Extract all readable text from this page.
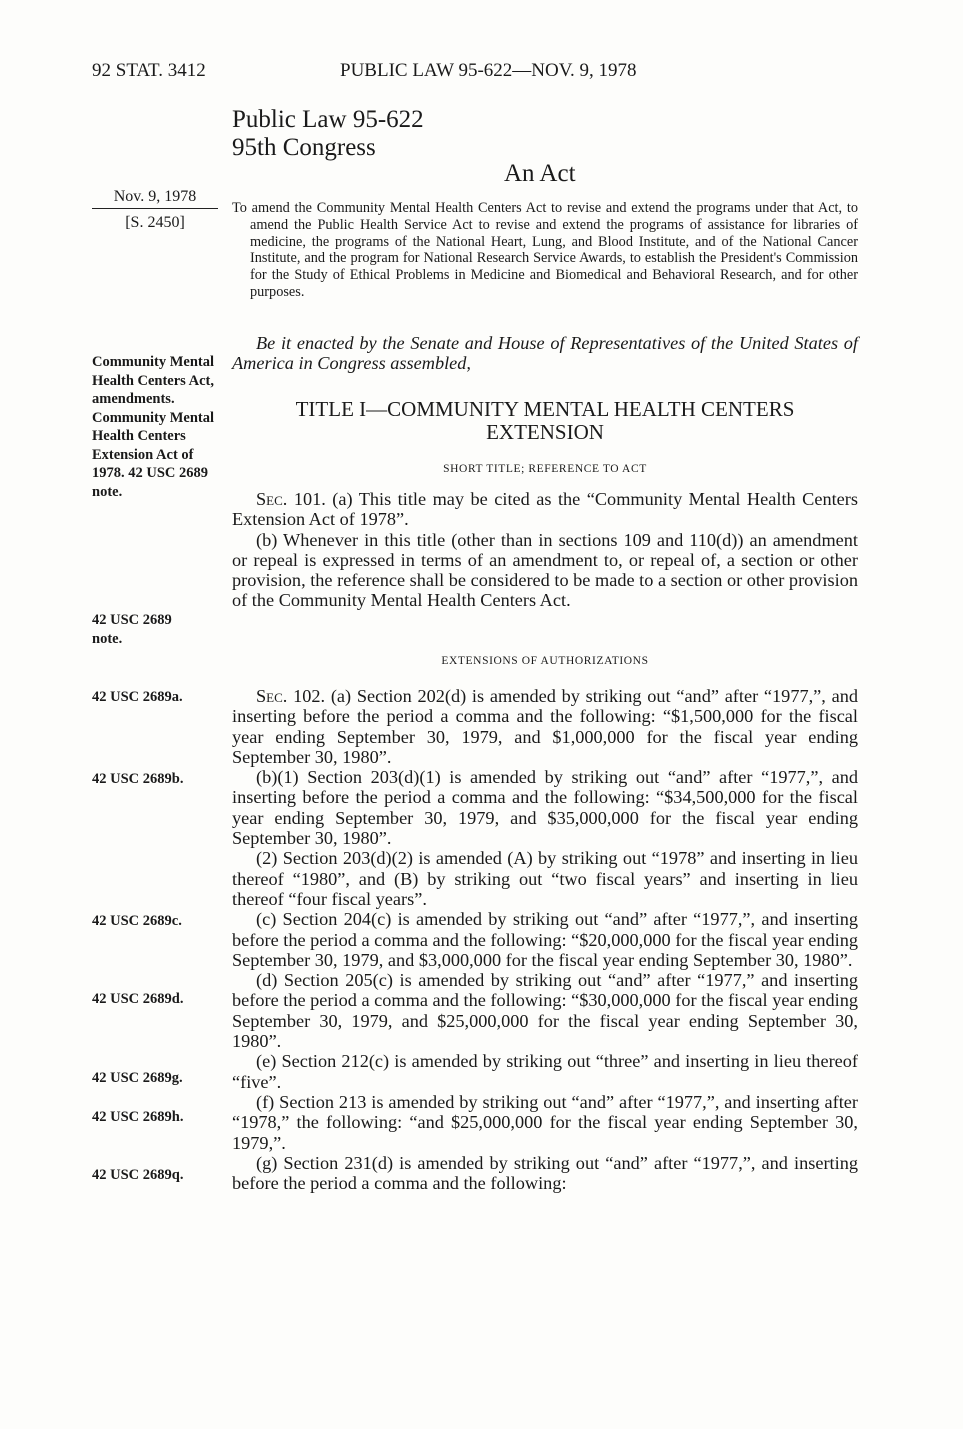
92 STAT. 3412	PUBLIC LAW 95-622—NOV. 9, 1978
Public Law 95-622
95th Congress
An Act
Nov. 9, 1978
[S. 2450]
To amend the Community Mental Health Centers Act to revise and extend the programs under that Act, to amend the Public Health Service Act to revise and extend the programs of assistance for libraries of medicine, the programs of the National Heart, Lung, and Blood Institute, and of the National Cancer Institute, and the program for National Research Service Awards, to establish the President's Commission for the Study of Ethical Problems in Medicine and Biomedical and Behavioral Research, and for other purposes.

Be it enacted by the Senate and House of Representatives of the United States of America in Congress assembled,

TITLE I—COMMUNITY MENTAL HEALTH CENTERS EXTENSION
SHORT TITLE; REFERENCE TO ACT

Sec. 101. (a) This title may be cited as the “Community Mental Health Centers Extension Act of 1978”.

(b) Whenever in this title (other than in sections 109 and 110(d)) an amendment or repeal is expressed in terms of an amendment to, or repeal of, a section or other provision, the reference shall be considered to be made to a section or other provision of the Community Mental Health Centers Act.

EXTENSIONS OF AUTHORIZATIONS

Sec. 102. (a) Section 202(d) is amended by striking out “and” after “1977,”, and inserting before the period a comma and the following: “$1,500,000 for the fiscal year ending September 30, 1979, and $1,000,000 for the fiscal year ending September 30, 1980”.

(b)(1) Section 203(d)(1) is amended by striking out “and” after “1977,”, and inserting before the period a comma and the following: “$34,500,000 for the fiscal year ending September 30, 1979, and $35,000,000 for the fiscal year ending September 30, 1980”.

(2) Section 203(d)(2) is amended (A) by striking out “1978” and inserting in lieu thereof “1980”, and (B) by striking out “two fiscal years” and inserting in lieu thereof “four fiscal years”.

(c) Section 204(c) is amended by striking out “and” after “1977,”, and inserting before the period a comma and the following: “$20,000,000 for the fiscal year ending September 30, 1979, and $3,000,000 for the fiscal year ending September 30, 1980”.

(d) Section 205(c) is amended by striking out “and” after “1977,” and inserting before the period a comma and the following: “$30,000,000 for the fiscal year ending September 30, 1979, and $25,000,000 for the fiscal year ending September 30, 1980”.

(e) Section 212(c) is amended by striking out “three” and inserting in lieu thereof “five”.

(f) Section 213 is amended by striking out “and” after “1977,”, and inserting after “1978,” the following: “and $25,000,000 for the fiscal year ending September 30, 1979,”.

(g) Section 231(d) is amended by striking out “and” after “1977,”, and inserting before the period a comma and the following:

Community Mental Health Centers Act, amendments. Community Mental Health Centers Extension Act of 1978. 42 USC 2689 note.
42 USC 2689 note.
42 USC 2689a.
42 USC 2689b.
42 USC 2689c.
42 USC 2689d.
42 USC 2689g.
42 USC 2689h.
42 USC 2689q.
